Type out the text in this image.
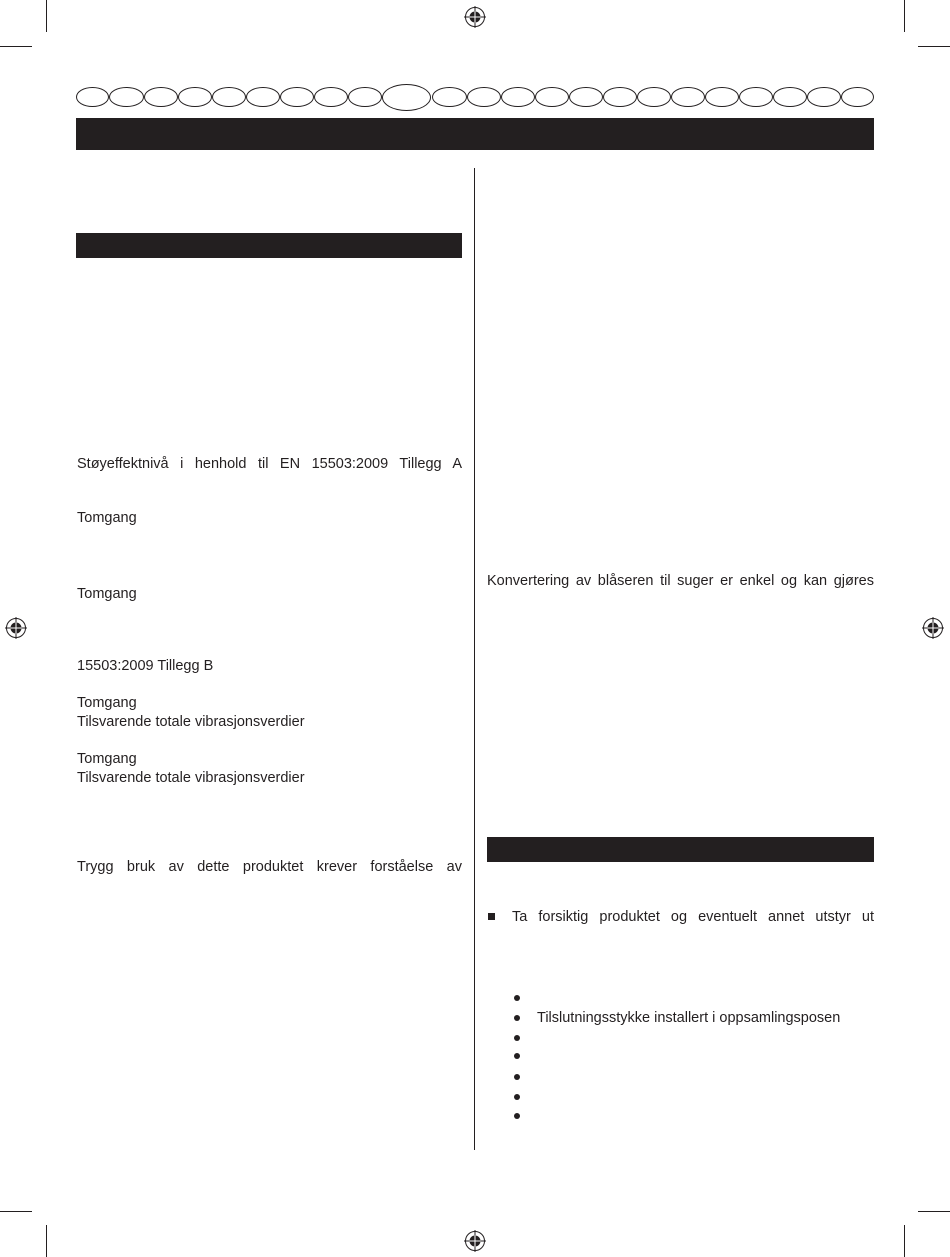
Støyeffektnivå i henhold til EN 15503:2009 Tillegg A
Tomgang
Tomgang
15503:2009 Tillegg B
Tomgang
Tilsvarende totale vibrasjonsverdier
Tomgang
Tilsvarende totale vibrasjonsverdier
Trygg bruk av dette produktet krever forståelse av
Konvertering av blåseren til suger er enkel og kan gjøres
Ta forsiktig produktet og eventuelt annet utstyr ut
Tilslutningsstykke installert i oppsamlingsposen
